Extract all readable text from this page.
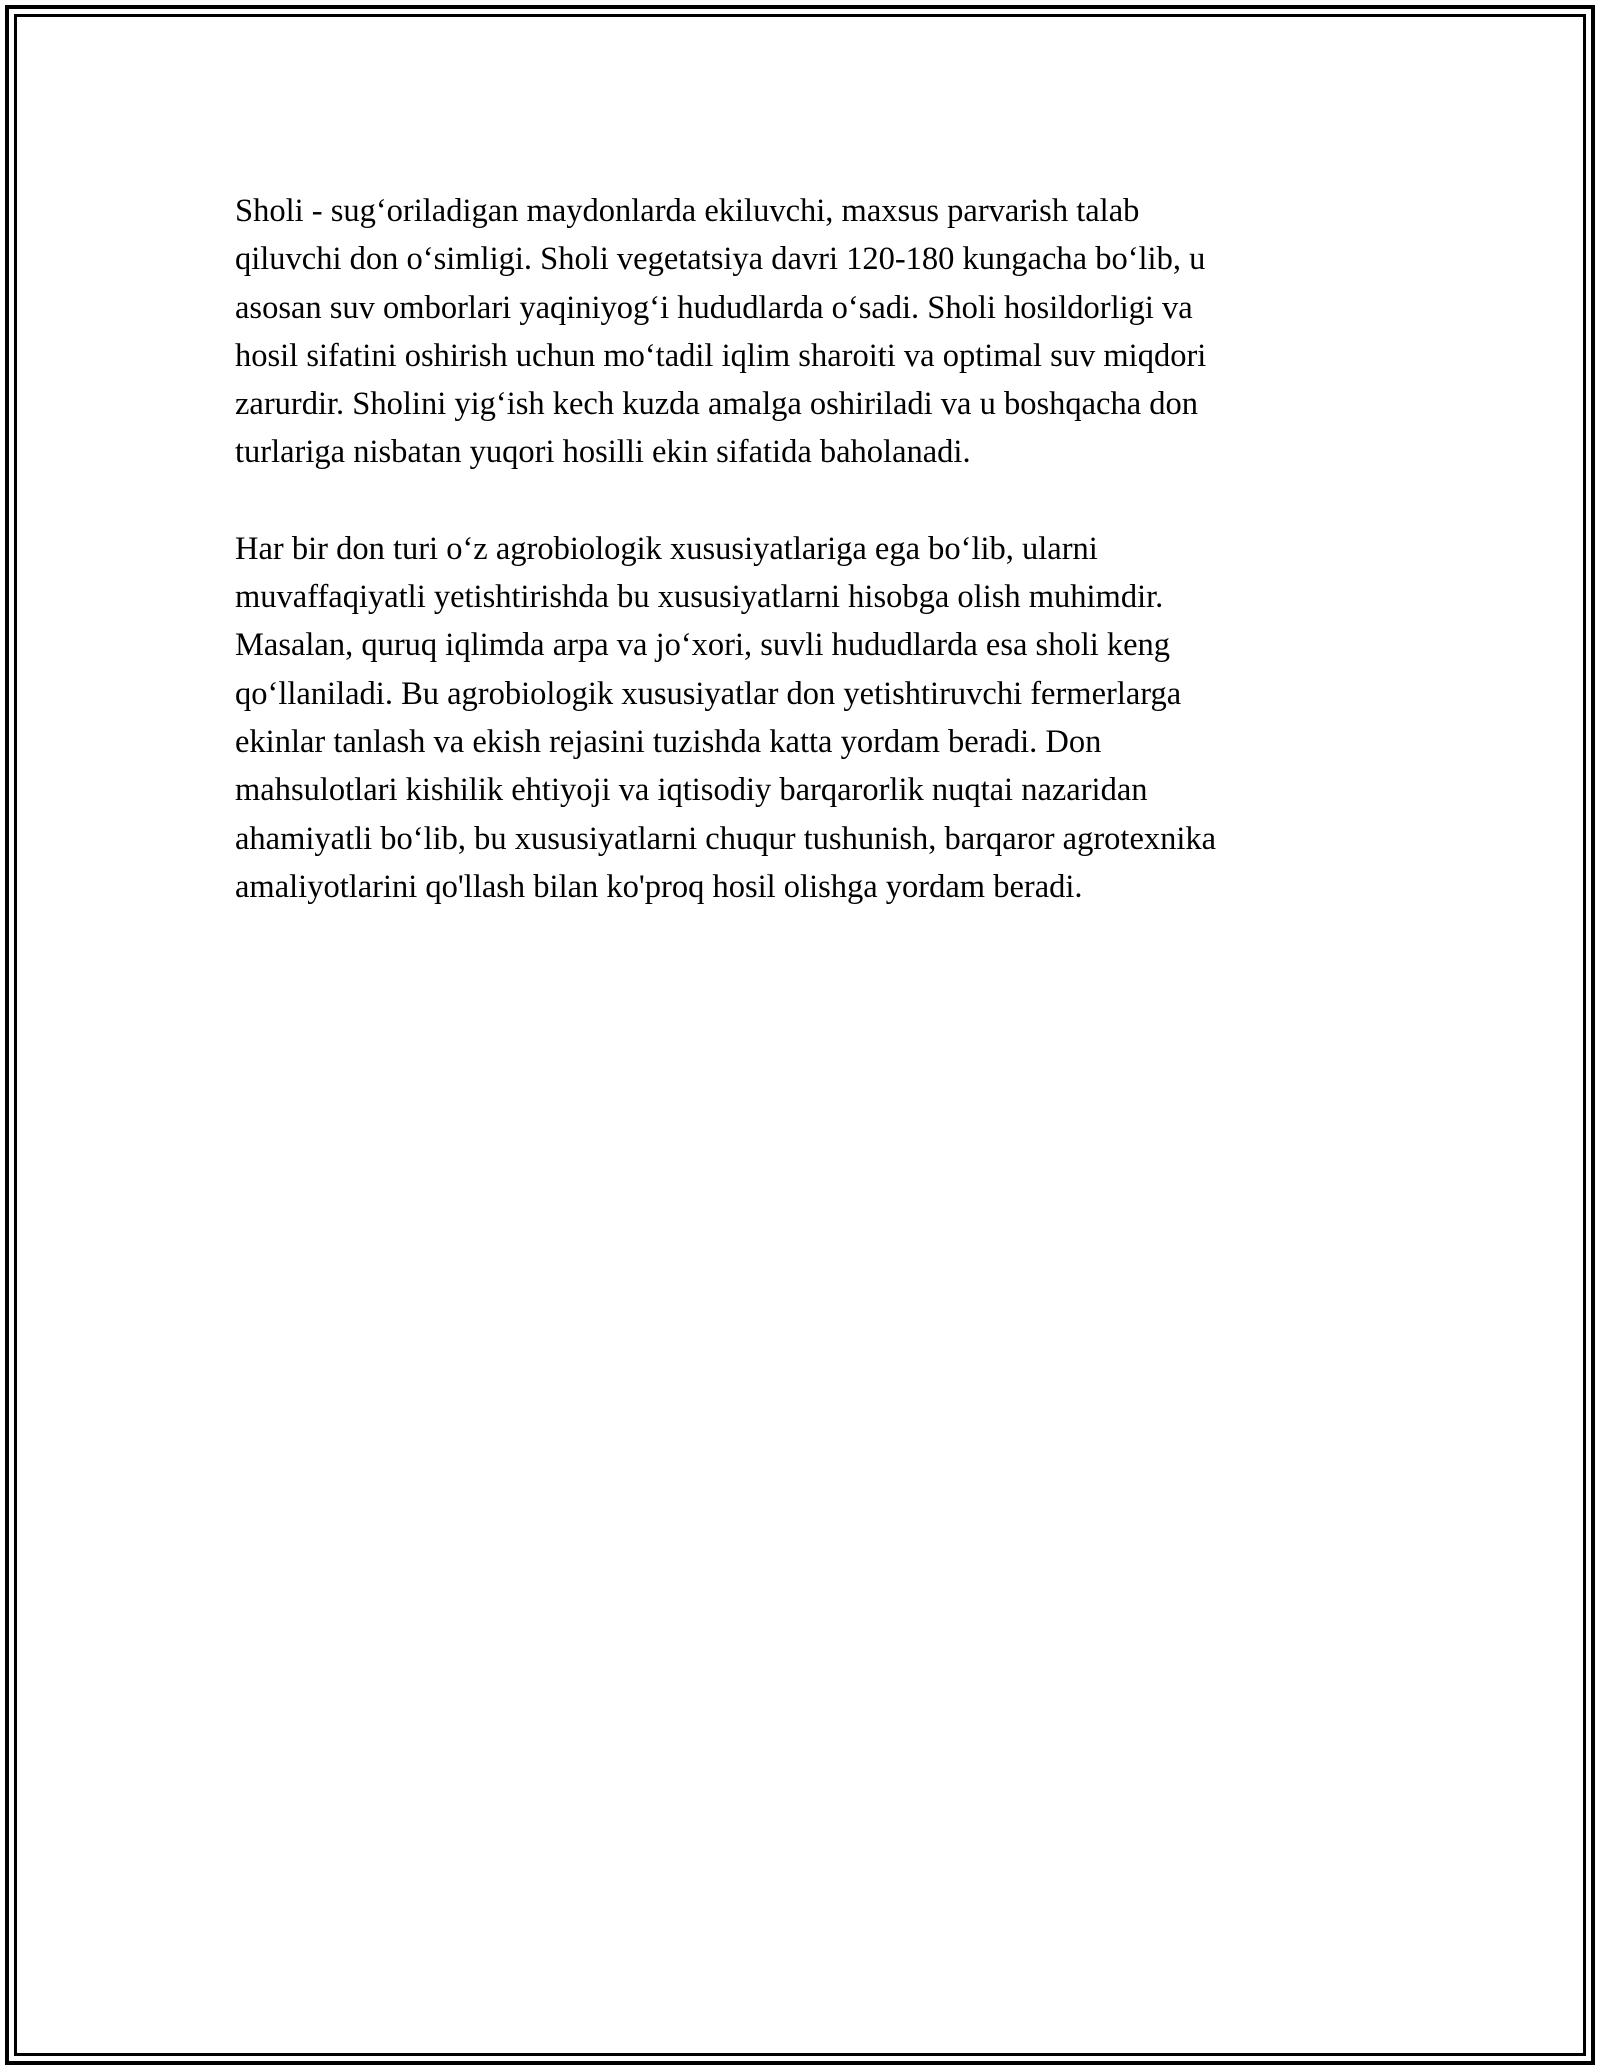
Sholi - sug‘oriladigan maydonlarda ekiluvchi, maxsus parvarish talab
qiluvchi don o‘simligi. Sholi vegetatsiya davri 120-180 kungacha bo‘lib, u
asosan suv omborlari yaqiniyog‘i hududlarda o‘sadi. Sholi hosildorligi va
hosil sifatini oshirish uchun mo‘tadil iqlim sharoiti va optimal suv miqdori
zarurdir. Sholini yig‘ish kech kuzda amalga oshiriladi va u boshqacha don
turlariga nisbatan yuqori hosilli ekin sifatida baholanadi.

Har bir don turi o‘z agrobiologik xususiyatlariga ega bo‘lib, ularni
muvaffaqiyatli yetishtirishda bu xususiyatlarni hisobga olish muhimdir.
Masalan, quruq iqlimda arpa va jo‘xori, suvli hududlarda esa sholi keng
qo‘llaniladi. Bu agrobiologik xususiyatlar don yetishtiruvchi fermerlarga
ekinlar tanlash va ekish rejasini tuzishda katta yordam beradi. Don
mahsulotlari kishilik ehtiyoji va iqtisodiy barqarorlik nuqtai nazaridan
ahamiyatli bo‘lib, bu xususiyatlarni chuqur tushunish, barqaror agrotexnika
amaliyotlarini qo'llash bilan ko'proq hosil olishga yordam beradi.
